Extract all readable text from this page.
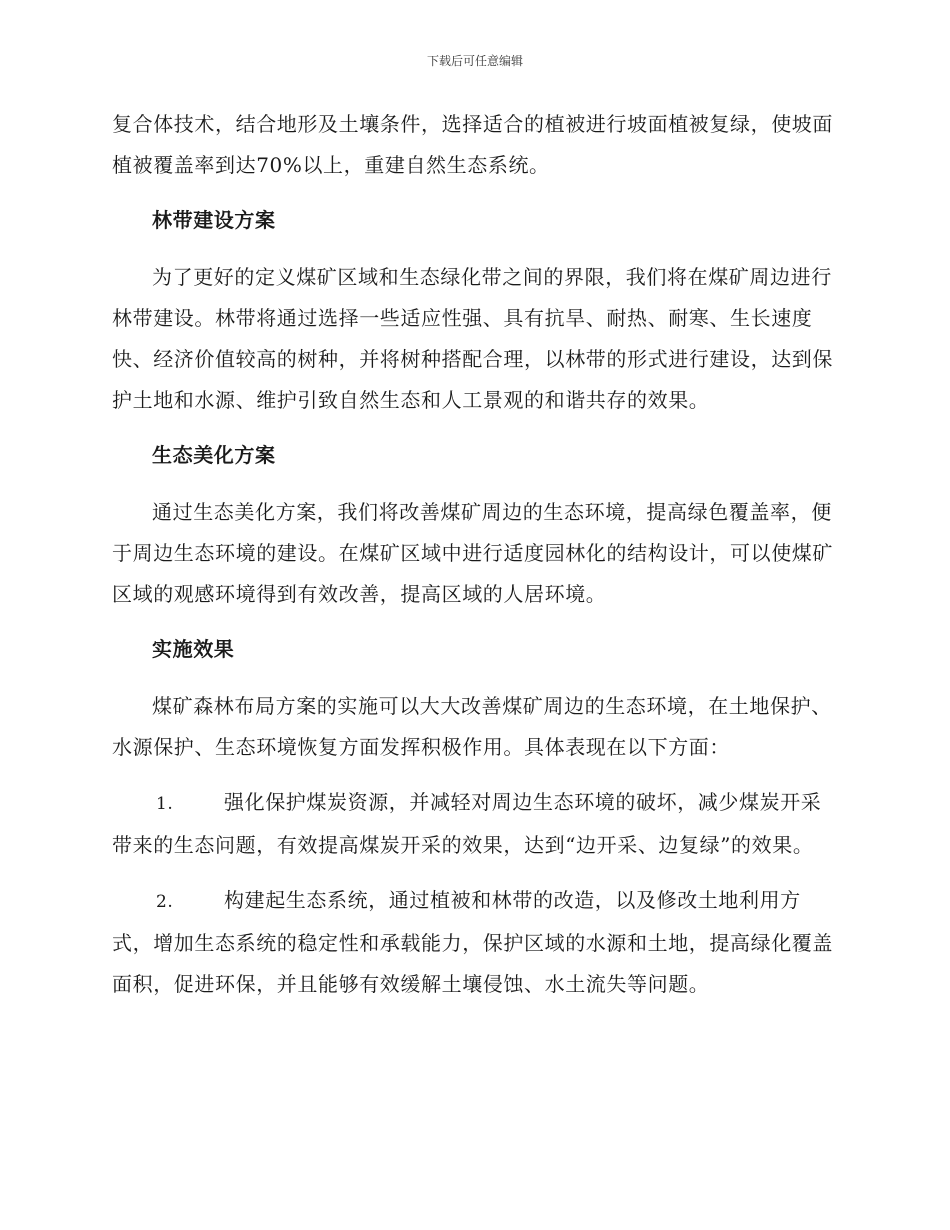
下载后可任意编辑

复合体技术，结合地形及土壤条件，选择适合的植被进行坡面植被复绿，使坡面植被覆盖率到达70%以上，重建自然生态系统。

林带建设方案

为了更好的定义煤矿区域和生态绿化带之间的界限，我们将在煤矿周边进行林带建设。林带将通过选择一些适应性强、具有抗旱、耐热、耐寒、生长速度快、经济价值较高的树种，并将树种搭配合理，以林带的形式进行建设，达到保护土地和水源、维护引致自然生态和人工景观的和谐共存的效果。

生态美化方案

通过生态美化方案，我们将改善煤矿周边的生态环境，提高绿色覆盖率，便于周边生态环境的建设。在煤矿区域中进行适度园林化的结构设计，可以使煤矿区域的观感环境得到有效改善，提高区域的人居环境。

实施效果

煤矿森林布局方案的实施可以大大改善煤矿周边的生态环境，在土地保护、水源保护、生态环境恢复方面发挥积极作用。具体表现在以下方面：

1.	强化保护煤炭资源，并减轻对周边生态环境的破坏，减少煤炭开采带来的生态问题，有效提高煤炭开采的效果，达到“边开采、边复绿”的效果。

2.	构建起生态系统，通过植被和林带的改造，以及修改土地利用方式，增加生态系统的稳定性和承载能力，保护区域的水源和土地，提高绿化覆盖面积，促进环保，并且能够有效缓解土壤侵蚀、水土流失等问题。
